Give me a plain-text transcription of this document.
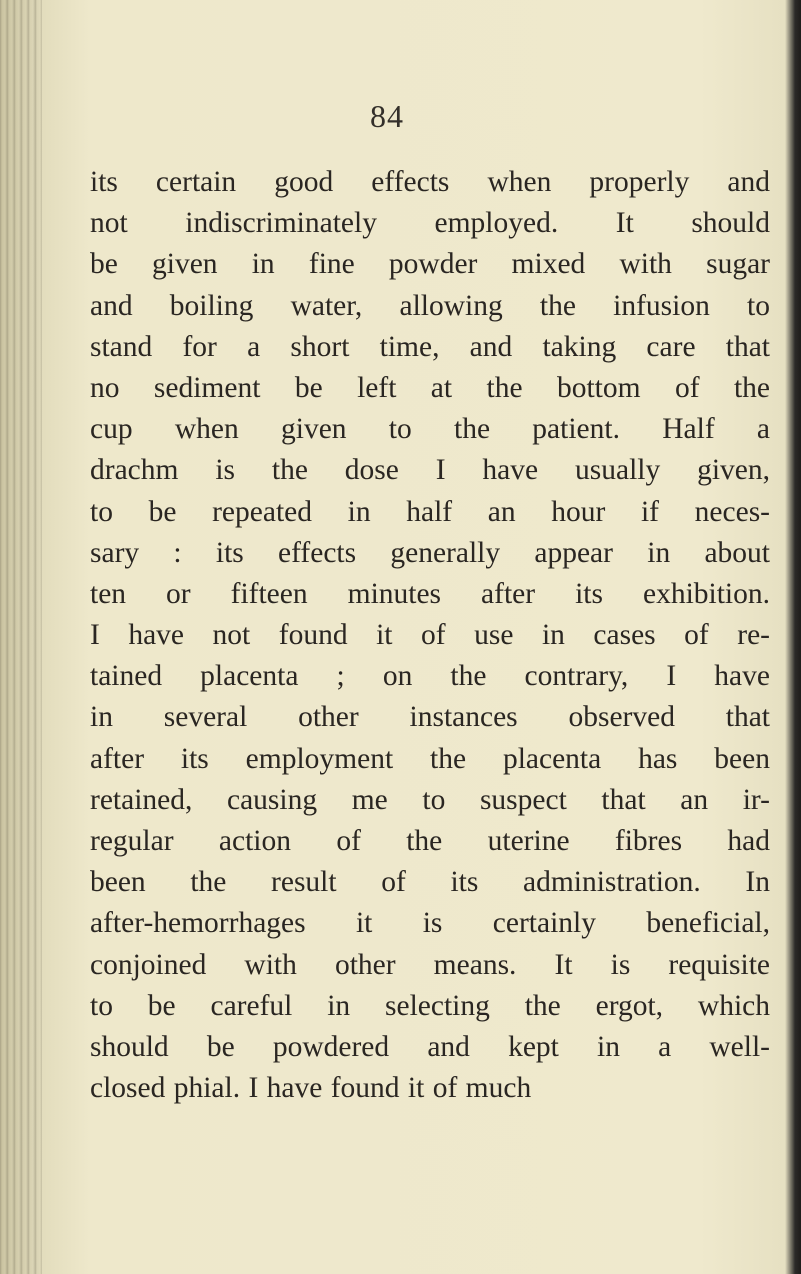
84
its certain good effects when properly and
not indiscriminately employed. It should
be given in fine powder mixed with sugar
and boiling water, allowing the infusion to
stand for a short time, and taking care that
no sediment be left at the bottom of the
cup when given to the patient. Half a
drachm is the dose I have usually given,
to be repeated in half an hour if neces-
sary : its effects generally appear in about
ten or fifteen minutes after its exhibition.
I have not found it of use in cases of re-
tained placenta ; on the contrary, I have
in several other instances observed that
after its employment the placenta has been
retained, causing me to suspect that an ir-
regular action of the uterine fibres had
been the result of its administration. In
after-hemorrhages it is certainly beneficial,
conjoined with other means. It is requisite
to be careful in selecting the ergot, which
should be powdered and kept in a well-
closed phial. I have found it of much
